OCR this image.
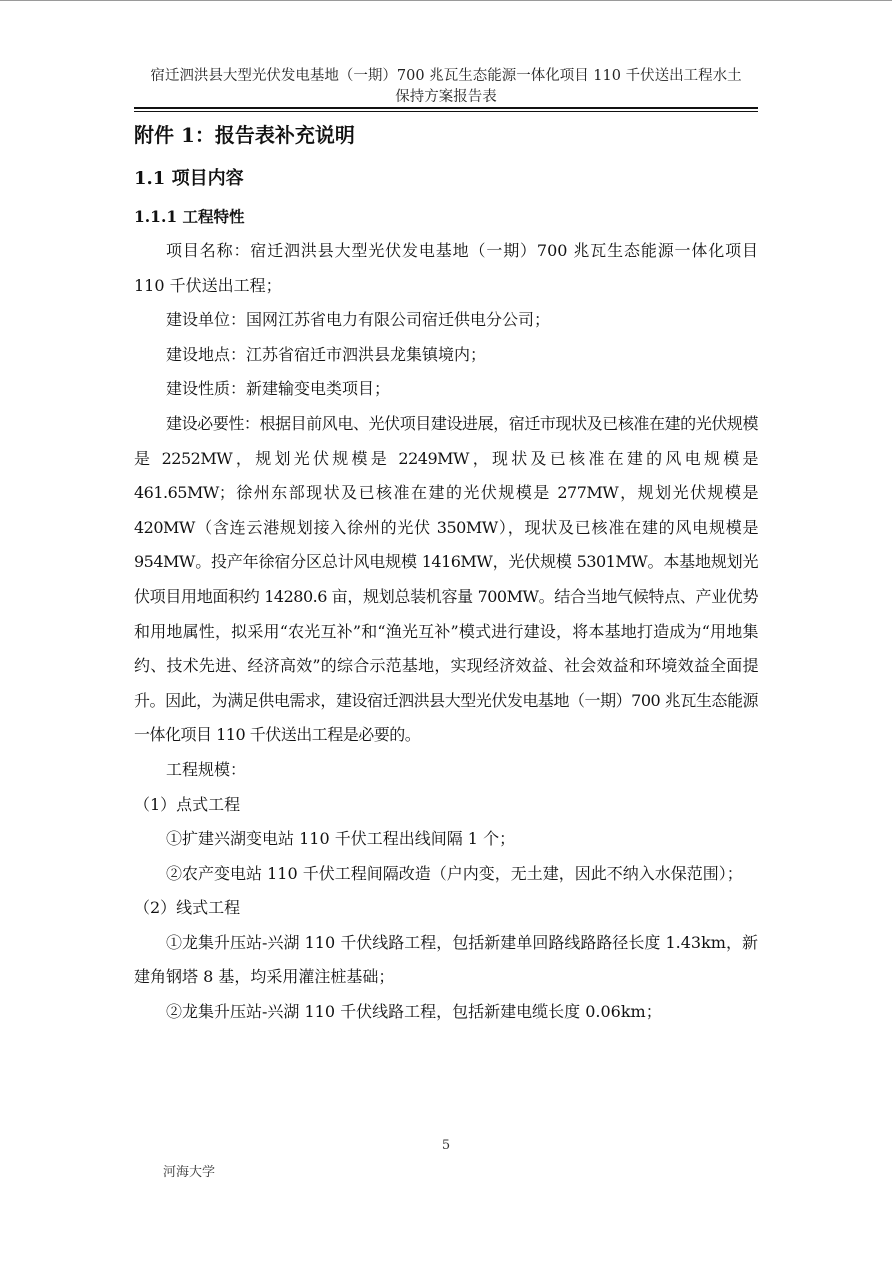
宿迁泗洪县大型光伏发电基地（一期）700 兆瓦生态能源一体化项目 110 千伏送出工程水土
保持方案报告表
附件 1：报告表补充说明
1.1 项目内容
1.1.1 工程特性

项目名称：宿迁泗洪县大型光伏发电基地（一期）700 兆瓦生态能源一体化项目 110 千伏送出工程；

建设单位：国网江苏省电力有限公司宿迁供电分公司；

建设地点：江苏省宿迁市泗洪县龙集镇境内；

建设性质：新建输变电类项目；

建设必要性：根据目前风电、光伏项目建设进展，宿迁市现状及已核准在建的光伏规模是 2252MW，规划光伏规模是 2249MW，现状及已核准在建的风电规模是 461.65MW；徐州东部现状及已核准在建的光伏规模是 277MW，规划光伏规模是 420MW（含连云港规划接入徐州的光伏 350MW），现状及已核准在建的风电规模是 954MW。投产年徐宿分区总计风电规模 1416MW，光伏规模 5301MW。本基地规划光伏项目用地面积约 14280.6 亩，规划总装机容量 700MW。结合当地气候特点、产业优势和用地属性，拟采用“农光互补”和“渔光互补”模式进行建设，将本基地打造成为“用地集约、技术先进、经济高效”的综合示范基地，实现经济效益、社会效益和环境效益全面提升。因此，为满足供电需求，建设宿迁泗洪县大型光伏发电基地（一期）700 兆瓦生态能源一体化项目 110 千伏送出工程是必要的。

工程规模：

（1）点式工程

①扩建兴湖变电站 110 千伏工程出线间隔 1 个；

②农产变电站 110 千伏工程间隔改造（户内变，无土建，因此不纳入水保范围）；

（2）线式工程

①龙集升压站-兴湖 110 千伏线路工程，包括新建单回路线路路径长度 1.43km，新建角钢塔 8 基，均采用灌注桩基础；

②龙集升压站-兴湖 110 千伏线路工程，包括新建电缆长度 0.06km；

5
河海大学
